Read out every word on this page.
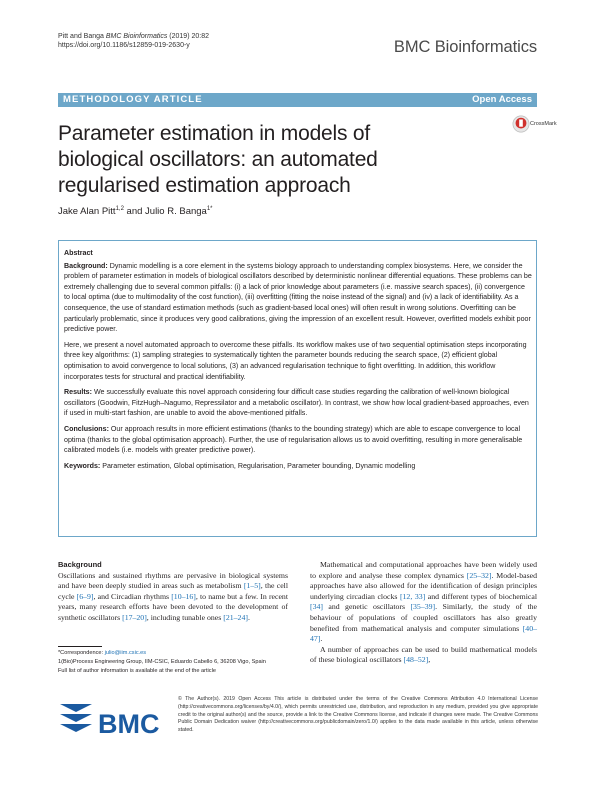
Pitt and Banga BMC Bioinformatics (2019) 20:82
https://doi.org/10.1186/s12859-019-2630-y	BMC Bioinformatics
METHODOLOGY ARTICLE	Open Access
Parameter estimation in models of biological oscillators: an automated regularised estimation approach
CrossMark
Jake Alan Pitt$^{1,2}$ and Julio R. Banga$^{1*}$

Abstract

Background: Dynamic modelling is a core element in the systems biology approach to understanding complex biosystems. Here, we consider the problem of parameter estimation in models of biological oscillators described by deterministic nonlinear differential equations. These problems can be extremely challenging due to several common pitfalls: (i) a lack of prior knowledge about parameters (i.e. massive search spaces), (ii) convergence to local optima (due to multimodality of the cost function), (iii) overfitting (fitting the noise instead of the signal) and (iv) a lack of identifiability. As a consequence, the use of standard estimation methods (such as gradient-based local ones) will often result in wrong solutions. Overfitting can be particularly problematic, since it produces very good calibrations, giving the impression of an excellent result. However, overfitted models exhibit poor predictive power.

Here, we present a novel automated approach to overcome these pitfalls. Its workflow makes use of two sequential optimisation steps incorporating three key algorithms: (1) sampling strategies to systematically tighten the parameter bounds reducing the search space, (2) efficient global optimisation to avoid convergence to local solutions, (3) an advanced regularisation technique to fight overfitting. In addition, this workflow incorporates tests for structural and practical identifiability.

Results: We successfully evaluate this novel approach considering four difficult case studies regarding the calibration of well-known biological oscillators (Goodwin, FitzHugh–Nagumo, Repressilator and a metabolic oscillator). In contrast, we show how local gradient-based approaches, even if used in multi-start fashion, are unable to avoid the above-mentioned pitfalls.

Conclusions: Our approach results in more efficient estimations (thanks to the bounding strategy) which are able to escape convergence to local optima (thanks to the global optimisation approach). Further, the use of regularisation allows us to avoid overfitting, resulting in more generalisable calibrated models (i.e. models with greater predictive power).

Keywords: Parameter estimation, Global optimisation, Regularisation, Parameter bounding, Dynamic modelling

Background

Oscillations and sustained rhythms are pervasive in biological systems and have been deeply studied in areas such as metabolism [1–5], the cell cycle [6–9], and Circadian rhythms [10–16], to name but a few. In recent years, many research efforts have been devoted to the development of synthetic oscillators [17–20], including tunable ones [21–24].
Mathematical and computational approaches have been widely used to explore and analyse these complex dynamics [25–32]. Model-based approaches have also allowed for the identification of design principles underlying circadian clocks [12, 33] and different types of biochemical [34] and genetic oscillators [35–39]. Similarly, the study of the behaviour of populations of coupled oscillators has also greatly benefited from mathematical analysis and computer simulations [40–47].
A number of approaches can be used to build mathematical models of these biological oscillators [48–52],
*Correspondence: julio@iim.csic.es
1(Bio)Process Engineering Group, IIM-CSIC, Eduardo Cabello 6, 36208 Vigo, Spain
Full list of author information is available at the end of the article
BMC
© The Author(s). 2019 Open Access This article is distributed under the terms of the Creative Commons Attribution 4.0 International License (http://creativecommons.org/licenses/by/4.0/), which permits unrestricted use, distribution, and reproduction in any medium, provided you give appropriate credit to the original author(s) and the source, provide a link to the Creative Commons license, and indicate if changes were made. The Creative Commons Public Domain Dedication waiver (http://creativecommons.org/publicdomain/zero/1.0/) applies to the data made available in this article, unless otherwise stated.
